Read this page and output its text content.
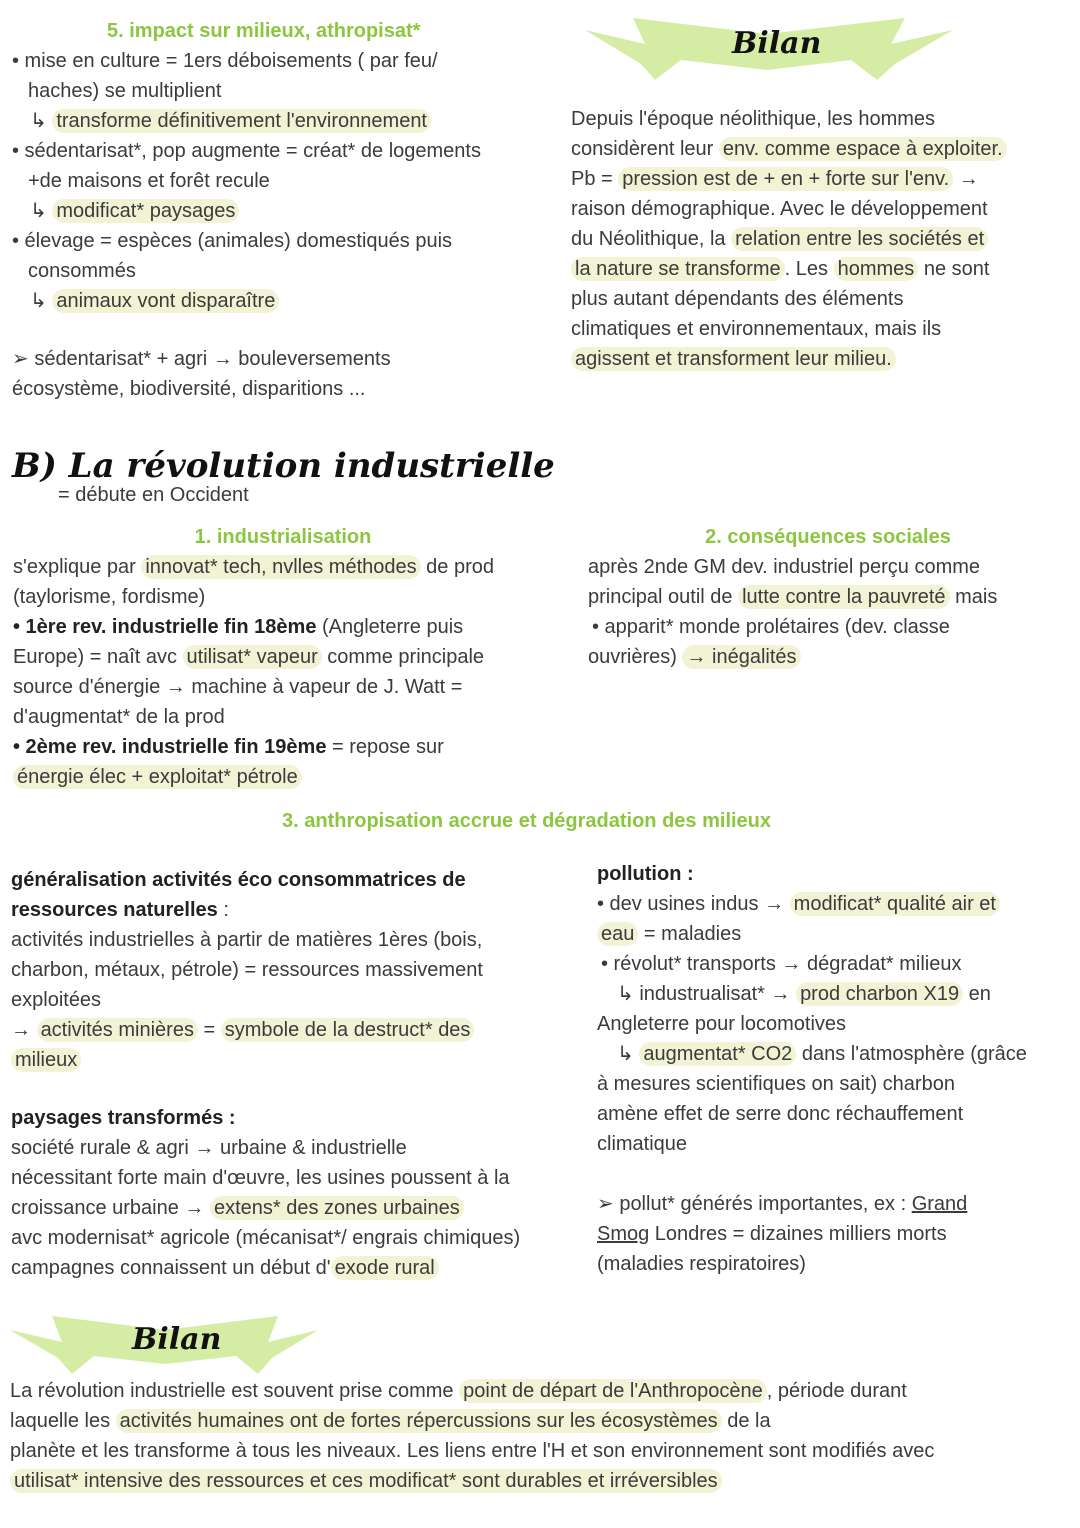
5. impact sur milieux, athropisat*
• mise en culture = 1ers déboisements ( par feu/
haches) se multiplient
↳ transforme définitivement l'environnement
• sédentarisat*, pop augmente = créat* de logements
+de maisons et forêt recule
↳ modificat* paysages
• élevage = espèces (animales) domestiqués puis
consommés
↳ animaux vont disparaître
➢ sédentarisat* + agri → bouleversements
écosystème, biodiversité, disparitions ...
Bilan
Depuis l'époque néolithique, les hommes
considèrent leur env. comme espace à exploiter.
Pb = pression est de + en + forte sur l'env. →
raison démographique. Avec le développement
du Néolithique, la relation entre les sociétés et
la nature se transforme . Les hommes ne sont
plus autant dépendants des éléments
climatiques et environnementaux, mais ils
agissent et transforment leur milieu.
B) La révolution industrielle
= débute en Occident
1. industrialisation
s'explique par innovat* tech, nvlles méthodes de prod
(taylorisme, fordisme)
• 1ère rev. industrielle fin 18ème (Angleterre puis
Europe) = naît avc utilisat* vapeur comme principale
source d'énergie → machine à vapeur de J. Watt =
d'augmentat* de la prod
• 2ème rev. industrielle fin 19ème = repose sur
énergie élec + exploitat* pétrole
2. conséquences sociales
après 2nde GM dev. industriel perçu comme
principal outil de lutte contre la pauvreté mais
• apparit* monde prolétaires (dev. classe
ouvrières) → inégalités
3. anthropisation accrue et dégradation des milieux
généralisation activités éco consommatrices de
ressources naturelles :
activités industrielles à partir de matières 1ères (bois,
charbon, métaux, pétrole) = ressources massivement
exploitées
→ activités minières = symbole de la destruct* des
milieux
paysages transformés :
société rurale & agri → urbaine & industrielle
nécessitant forte main d'œuvre, les usines poussent à la
croissance urbaine → extens* des zones urbaines
avc modernisat* agricole (mécanisat*/ engrais chimiques)
campagnes connaissent un début d' exode rural
pollution :
• dev usines indus → modificat* qualité air et
eau = maladies
• révolut* transports → dégradat* milieux
↳ industrualisat* → prod charbon X19 en
Angleterre pour locomotives
↳ augmentat* CO2 dans l'atmosphère (grâce
à mesures scientifiques on sait) charbon
amène effet de serre donc réchauffement
climatique
➢ pollut* générés importantes, ex : Grand
Smog Londres = dizaines milliers morts
(maladies respiratoires)
Bilan
La révolution industrielle est souvent prise comme point de départ de l'Anthropocène , période durant
laquelle les activités humaines ont de fortes répercussions sur les écosystèmes de la
planète et les transforme à tous les niveaux. Les liens entre l'H et son environnement sont modifiés avec
utilisat* intensive des ressources et ces modificat* sont durables et irréversibles
